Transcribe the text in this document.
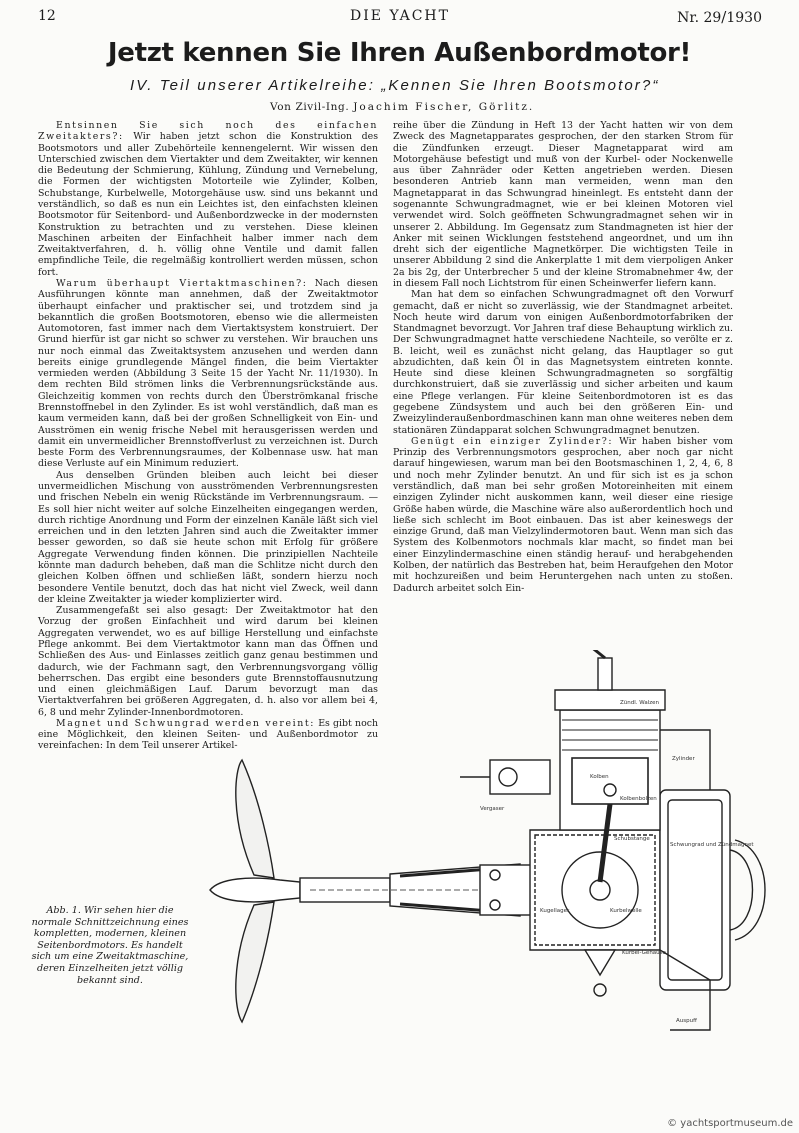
12	DIE YACHT	Nr. 29/1930
Jetzt kennen Sie Ihren Außenbordmotor!
IV. Teil unserer Artikelreihe: „Kennen Sie Ihren Bootsmotor?“
Von Zivil-Ing. Joachim Fischer, Görlitz.

Entsinnen Sie sich noch des einfachen Zweitakters?: Wir haben jetzt schon die Konstruktion des Bootsmotors und aller Zubehörteile kennengelernt. Wir wissen den Unterschied zwischen dem Viertakter und dem Zweitakter, wir kennen die Bedeutung der Schmierung, Kühlung, Zündung und Vernebelung, die Formen der wichtigsten Motorteile wie Zylinder, Kolben, Schubstange, Kurbelwelle, Motorgehäuse usw. sind uns bekannt und verständlich, so daß es nun ein Leichtes ist, den einfachsten kleinen Bootsmotor für Seitenbord- und Außenbordzwecke in der modernsten Konstruktion zu betrachten und zu verstehen. Diese kleinen Maschinen arbeiten der Einfachheit halber immer nach dem Zweitaktverfahren, d. h. völlig ohne Ventile und damit fallen empfindliche Teile, die regelmäßig kontrolliert werden müssen, schon fort.

Warum überhaupt Viertaktmaschinen?: Nach diesen Ausführungen könnte man annehmen, daß der Zweitaktmotor überhaupt einfacher und praktischer sei, und trotzdem sind ja bekanntlich die großen Bootsmotoren, ebenso wie die allermeisten Automotoren, fast immer nach dem Viertaktsystem konstruiert. Der Grund hierfür ist gar nicht so schwer zu verstehen. Wir brauchen uns nur noch einmal das Zweitaktsystem anzusehen und werden dann bereits einige grundlegende Mängel finden, die beim Viertakter vermieden werden (Abbildung 3 Seite 15 der Yacht Nr. 11/1930). In dem rechten Bild strömen links die Verbrennungsrückstände aus. Gleichzeitig kommen von rechts durch den Überströmkanal frische Brennstoffnebel in den Zylinder. Es ist wohl verständlich, daß man es kaum vermeiden kann, daß bei der großen Schnelligkeit von Ein- und Ausströmen ein wenig frische Nebel mit herausgerissen werden und damit ein unvermeidlicher Brennstoffverlust zu verzeichnen ist. Durch beste Form des Verbrennungsraumes, der Kolbennase usw. hat man diese Verluste auf ein Minimum reduziert.

Aus denselben Gründen bleiben auch leicht bei dieser unvermeidlichen Mischung von ausströmenden Verbrennungsresten und frischen Nebeln ein wenig Rückstände im Verbrennungsraum. — Es soll hier nicht weiter auf solche Einzelheiten eingegangen werden, durch richtige Anordnung und Form der einzelnen Kanäle läßt sich viel erreichen und in den letzten Jahren sind auch die Zweitakter immer besser geworden, so daß sie heute schon mit Erfolg für größere Aggregate Verwendung finden können. Die prinzipiellen Nachteile könnte man dadurch beheben, daß man die Schlitze nicht durch den gleichen Kolben öffnen und schließen läßt, sondern hierzu noch besondere Ventile benutzt, doch das hat nicht viel Zweck, weil dann der kleine Zweitakter ja wieder komplizierter wird.

Zusammengefaßt sei also gesagt: Der Zweitaktmotor hat den Vorzug der großen Einfachheit und wird darum bei kleinen Aggregaten verwendet, wo es auf billige Herstellung und einfachste Pflege ankommt. Bei dem Viertaktmotor kann man das Öffnen und Schließen des Aus- und Einlasses zeitlich ganz genau bestimmen und dadurch, wie der Fachmann sagt, den Verbrennungsvorgang völlig beherrschen. Das ergibt eine besonders gute Brennstoffausnutzung und einen gleichmäßigen Lauf. Darum bevorzugt man das Viertaktverfahren bei größeren Aggregaten, d. h. also vor allem bei 4, 6, 8 und mehr Zylinder-Innenbordmotoren.

Magnet und Schwungrad werden vereint: Es gibt noch eine Möglichkeit, den kleinen Seiten- und Außenbordmotor zu vereinfachen: In dem Teil unserer Artikel-

reihe über die Zündung in Heft 13 der Yacht hatten wir von dem Zweck des Magnetapparates gesprochen, der den starken Strom für die Zündfunken erzeugt. Dieser Magnetapparat wird am Motorgehäuse befestigt und muß von der Kurbel- oder Nockenwelle aus über Zahnräder oder Ketten angetrieben werden. Diesen besonderen Antrieb kann man vermeiden, wenn man den Magnetapparat in das Schwungrad hineinlegt. Es entsteht dann der sogenannte Schwungradmagnet, wie er bei kleinen Motoren viel verwendet wird. Solch geöffneten Schwungradmagnet sehen wir in unserer 2. Abbildung. Im Gegensatz zum Standmagneten ist hier der Anker mit seinen Wicklungen feststehend angeordnet, und um ihn dreht sich der eigentliche Magnetkörper. Die wichtigsten Teile in unserer Abbildung 2 sind die Ankerplatte 1 mit dem vierpoligen Anker 2a bis 2g, der Unterbrecher 5 und der kleine Stromabnehmer 4w, der in diesem Fall noch Lichtstrom für einen Scheinwerfer liefern kann.

Man hat dem so einfachen Schwungradmagnet oft den Vorwurf gemacht, daß er nicht so zuverlässig, wie der Standmagnet arbeitet. Noch heute wird darum von einigen Außenbordmotorfabriken der Standmagnet bevorzugt. Vor Jahren traf diese Behauptung wirklich zu. Der Schwungradmagnet hatte verschiedene Nachteile, so verölte er z. B. leicht, weil es zunächst nicht gelang, das Hauptlager so gut abzudichten, daß kein Öl in das Magnetsystem eintreten konnte. Heute sind diese kleinen Schwungradmagneten so sorgfältig durchkonstruiert, daß sie zuverlässig und sicher arbeiten und kaum eine Pflege verlangen. Für kleine Seitenbordmotoren ist es das gegebene Zündsystem und auch bei den größeren Ein- und Zweizylinderaußenbordmaschinen kann man ohne weiteres neben dem stationären Zündapparat solchen Schwungradmagnet benutzen.

Genügt ein einziger Zylinder?: Wir haben bisher vom Prinzip des Verbrennungsmotors gesprochen, aber noch gar nicht darauf hingewiesen, warum man bei den Bootsmaschinen 1, 2, 4, 6, 8 und noch mehr Zylinder benutzt. An und für sich ist es ja schon verständlich, daß man bei sehr großen Motoreinheiten mit einem einzigen Zylinder nicht auskommen kann, weil dieser eine riesige Größe haben würde, die Maschine wäre also außerordentlich hoch und ließe sich schlecht im Boot einbauen. Das ist aber keineswegs der einzige Grund, daß man Vielzylindermotoren baut. Wenn man sich das System des Kolbenmotors nochmals klar macht, so findet man bei einer Einzylindermaschine einen ständig herauf- und herabgehenden Kolben, der natürlich das Bestreben hat, beim Heraufgehen den Motor mit hochzureißen und beim Heruntergehen nach unten zu stoßen. Dadurch arbeitet solch Ein-

Abb. 1. Wir sehen hier die normale Schnittzeichnung eines kompletten, modernen, kleinen Seitenbordmotors. Es handelt sich um eine Zweitaktmaschine, deren Einzelheiten jetzt völlig bekannt sind.
Zündl. Walzen
Kolben
Schubstange
Zylinder
Vergaser
Schwungrad und Zündmagnet
Kurbelwelle
Kugellager
Kurbel-Gehäuse
Auspuff
Kolbenbolzen
© yachtsportmuseum.de
